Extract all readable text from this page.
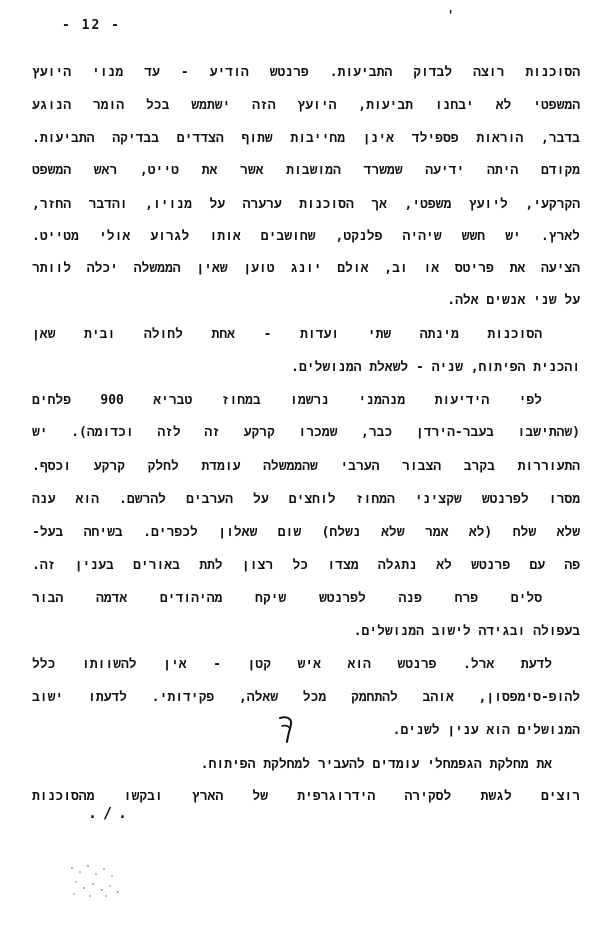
- 12 -
'
הסוכנות רוצה לבדוק התביעות. פרנטש הודיע - עד מנוי היועץ
המשפטי לא יבחנו תביעות, היועץ הזה ישתמש בכל הומר הנוגע
בדבר, הוראות פספילד אינן מחייבות שתוף הצדדים בבדיקה התביעות.
מקודם היתה ידיעה שמשרד המושבות אשר את טייט, ראש המשפט
הקרקעי, ליועץ משפטי, אך הסוכנות ערערה על מנויו, והדבר החזר,
לארץ. יש חשש שיהיה פלנקט, שחושבים אותו לגרוע אולי מטייט.
הציעה את פריטס או וב, אולם יונג טוען שאין הממשלה יכלה לוותר
על שני אנשים אלה.
הסוכנות מינתה שתי ועדות - אחת לחולה ובית שאן
והכנית הפיתוח, שניה - לשאלת המנושלים.
לפי הידיעות מנהמני נרשמו במחוז טבריא 900 פלחים
(שהתישבו בעבר-הירדן כבר, שמכרו קרקע זה לזה וכדומה). יש
התעוררות בקרב הצבור הערבי שהממשלה עומדת לחלק קרקע וכסף.
מסרו לפרנטש שקציני המחוז לוחצים על הערבים להרשם. הוא ענה
שלא שלח (לא אמר שלא נשלח) שום שאלון לכפרים. בשיחה בעל-
פה עם פרנטש לא נתגלה מצדו כל רצון לתת באורים בענין זה.
סלים פרח פנה לפרנטש שיקח מהיהודים אדמה הבור
בעפולה ובגידה לישוב המנושלים.
לדעת ארל. פרנטש הוא איש קטן - אין להשוותו כלל
להופ-סימפסון, אוהב להתחמק מכל שאלה, פקידותי. לדעתו ישוב
המנושלים הוא ענין לשנים.
את מחלקת הגפמחלי עומדים להעביר למחלקת הפיתוח.
רוצים לגשת לסקירה הידרוגרפית של הארץ ובקשו מהסוכנות
./.
